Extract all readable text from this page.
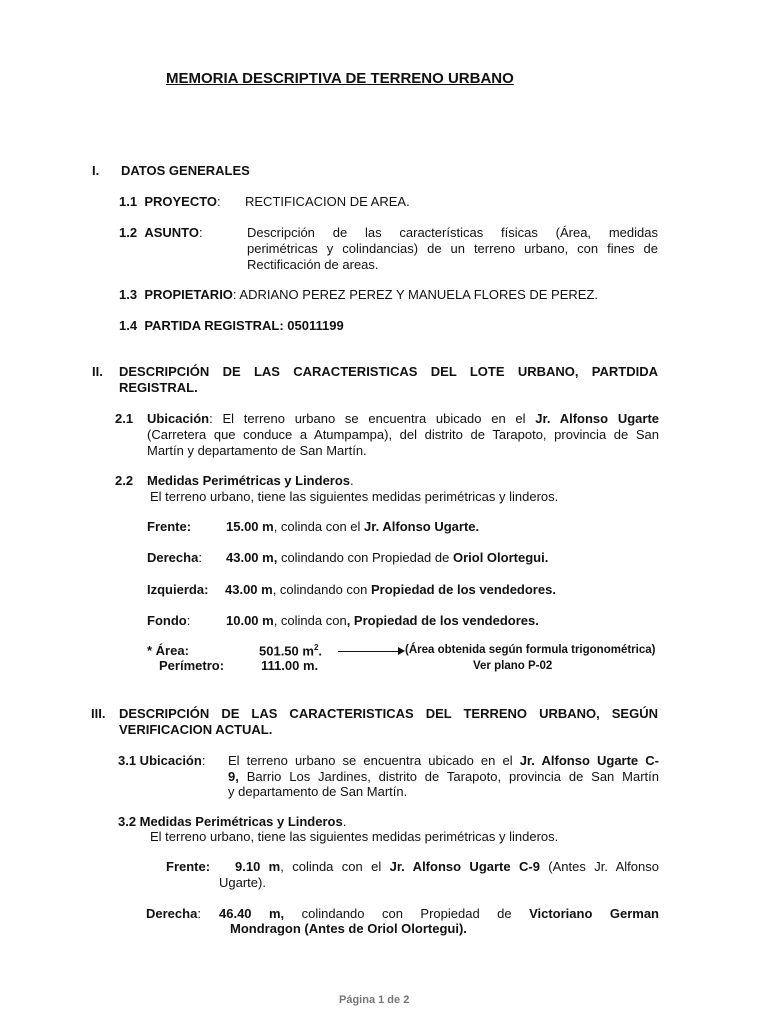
MEMORIA DESCRIPTIVA DE TERRENO URBANO
I. DATOS GENERALES
1.1 PROYECTO: RECTIFICACION DE AREA.
1.2 ASUNTO:	Descripción de las características físicas (Área, medidas
perimétricas y colindancias) de un terreno urbano, con fines de
Rectificación de areas.
1.3 PROPIETARIO: ADRIANO PEREZ PEREZ Y MANUELA FLORES DE PEREZ.
1.4 PARTIDA REGISTRAL: 05011199
II. DESCRIPCIÓN DE LAS CARACTERISTICAS DEL LOTE URBANO, PARTDIDA
REGISTRAL.
2.1 Ubicación: El terreno urbano se encuentra ubicado en el Jr. Alfonso Ugarte
(Carretera que conduce a Atumpampa), del distrito de Tarapoto, provincia de San
Martín y departamento de San Martín.
2.2 Medidas Perimétricas y Linderos.
El terreno urbano, tiene las siguientes medidas perimétricas y linderos.
Frente:	15.00 m, colinda con el Jr. Alfonso Ugarte.
Derecha: 43.00 m, colindando con Propiedad de Oriol Olortegui.
Izquierda: 43.00 m, colindando con Propiedad de los vendedores.
Fondo:	10.00 m, colinda con, Propiedad de los vendedores.
* Área:	501.50 $m^2$.	(Área obtenida según formula trigonométrica)
Perímetro:	111.00 m.	Ver plano P-02
III. DESCRIPCIÓN DE LAS CARACTERISTICAS DEL TERRENO URBANO, SEGÚN
VERIFICACION ACTUAL.
3.1 Ubicación: El terreno urbano se encuentra ubicado en el Jr. Alfonso Ugarte C-
9, Barrio Los Jardines, distrito de Tarapoto, provincia de San Martín
y departamento de San Martín.
3.2 Medidas Perimétricas y Linderos.
El terreno urbano, tiene las siguientes medidas perimétricas y linderos.
Frente: 9.10 m, colinda con el Jr. Alfonso Ugarte C-9 (Antes Jr. Alfonso
Ugarte).
Derecha: 46.40 m, colindando con Propiedad de Victoriano German
Mondragon (Antes de Oriol Olortegui).
Página 1 de 2
